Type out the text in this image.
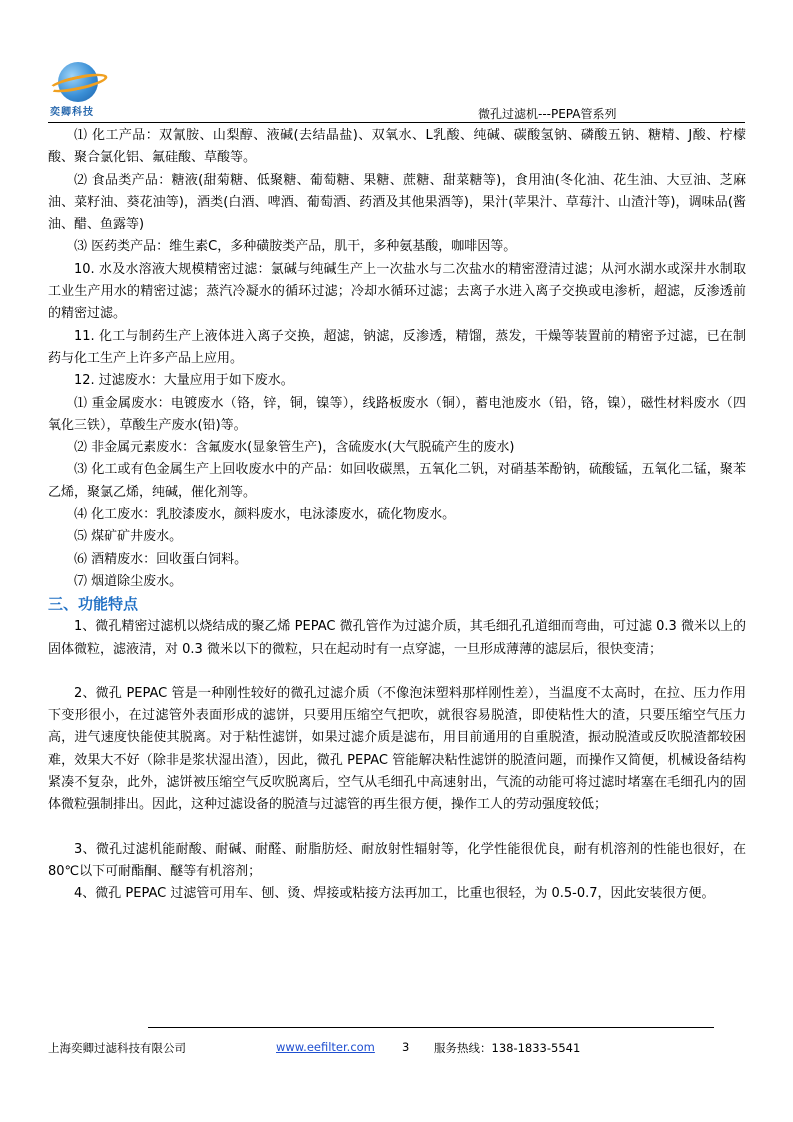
奕卿科技	微孔过滤机---PEPA管系列

⑴ 化工产品：双氰胺、山梨醇、液碱(去结晶盐)、双氧水、L乳酸、纯碱、碳酸氢钠、磷酸五钠、糖精、J酸、柠檬酸、聚合氯化铝、氟硅酸、草酸等。

⑵ 食品类产品：糖液(甜菊糖、低聚糖、葡萄糖、果糖、蔗糖、甜菜糖等)，食用油(冬化油、花生油、大豆油、芝麻油、菜籽油、葵花油等)，酒类(白酒、啤酒、葡萄酒、药酒及其他果酒等)，果汁(苹果汁、草莓汁、山渣汁等)，调味品(酱油、醋、鱼露等)

⑶ 医药类产品：维生素C，多种磺胺类产品，肌干，多种氨基酸，咖啡因等。

10. 水及水溶液大规模精密过滤：氯碱与纯碱生产上一次盐水与二次盐水的精密澄清过滤；从河水湖水或深井水制取工业生产用水的精密过滤；蒸汽冷凝水的循环过滤；冷却水循环过滤；去离子水进入离子交换或电渗析，超滤，反渗透前的精密过滤。

11. 化工与制药生产上液体进入离子交换，超滤，钠滤，反渗透，精馏，蒸发，干燥等装置前的精密予过滤，已在制药与化工生产上许多产品上应用。

12. 过滤废水：大量应用于如下废水。

⑴ 重金属废水：电镀废水（铬，锌，铜，镍等），线路板废水（铜），蓄电池废水（铅，铬，镍），磁性材料废水（四氧化三铁），草酸生产废水(铅)等。

⑵ 非金属元素废水：含氟废水(显象管生产)，含硫废水(大气脱硫产生的废水)

⑶ 化工或有色金属生产上回收废水中的产品：如回收碳黑，五氧化二钒，对硝基苯酚钠，硫酸锰，五氧化二锰，聚苯乙烯，聚氯乙烯，纯碱，催化剂等。

⑷ 化工废水：乳胶漆废水，颜料废水，电泳漆废水，硫化物废水。

⑸ 煤矿矿井废水。

⑹ 酒精废水：回收蛋白饲料。

⑺ 烟道除尘废水。

三、功能特点

1、微孔精密过滤机以烧结成的聚乙烯 PEPAC 微孔管作为过滤介质，其毛细孔孔道细而弯曲，可过滤 0.3 微米以上的固体微粒，滤液清，对 0.3 微米以下的微粒，只在起动时有一点穿滤，一旦形成薄薄的滤层后，很快变清；

2、微孔 PEPAC 管是一种刚性较好的微孔过滤介质（不像泡沫塑料那样刚性差），当温度不太高时，在拉、压力作用下变形很小，在过滤管外表面形成的滤饼，只要用压缩空气把吹，就很容易脱渣，即使粘性大的渣，只要压缩空气压力高，进气速度快能使其脱离。对于粘性滤饼，如果过滤介质是滤布，用目前通用的自重脱渣，振动脱渣或反吹脱渣都较困难，效果大不好（除非是浆状湿出渣），因此，微孔 PEPAC 管能解决粘性滤饼的脱渣问题，而操作又简便，机械设备结构紧凑不复杂，此外，滤饼被压缩空气反吹脱离后，空气从毛细孔中高速射出，气流的动能可将过滤时堵塞在毛细孔内的固体微粒强制排出。因此，这种过滤设备的脱渣与过滤管的再生很方便，操作工人的劳动强度较低；

3、微孔过滤机能耐酸、耐碱、耐醛、耐脂肪烃、耐放射性辐射等，化学性能很优良，耐有机溶剂的性能也很好，在 80℃以下可耐酯酮、醚等有机溶剂；

4、微孔 PEPAC 过滤管可用车、刨、烫、焊接或粘接方法再加工，比重也很轻，为 0.5-0.7，因此安装很方便。

上海奕卿过滤科技有限公司	www.eefilter.com 3 服务热线：138-1833-5541
